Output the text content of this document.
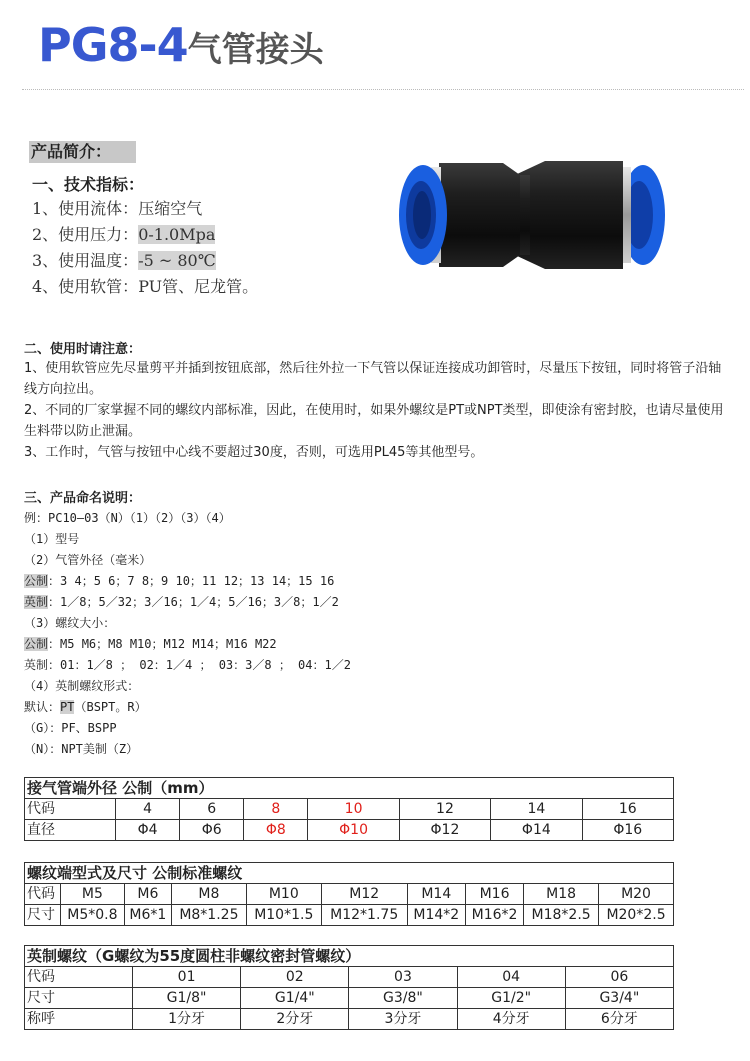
PG8-4气管接头
产品简介：
一、技术指标：
1、使用流体：压缩空气
2、使用压力：0-1.0Mpa
3、使用温度：-5 ~ 80℃
4、使用软管：PU管、尼龙管。
二、使用时请注意：
1、使用软管应先尽量剪平并插到按钮底部，然后往外拉一下气管以保证连接成功卸管时，尽量压下按钮，同时将管子沿轴线方向拉出。
2、不同的厂家掌握不同的螺纹内部标准，因此，在使用时，如果外螺纹是PT或NPT类型，即使涂有密封胶，也请尽量使用生料带以防止泄漏。
3、工作时，气管与按钮中心线不要超过30度，否则，可选用PL45等其他型号。
三、产品命名说明：
例：PC10—03（N）（1）（2）（3）（4）
（1）型号
（2）气管外径（毫米）
公制：3 4；5 6；7 8；9 10；11 12；13 14；15 16
英制：1／8；5／32；3／16；1／4；5／16；3／8；1／2
（3）螺纹大小：
公制：M5 M6；M8 M10；M12 M14；M16 M22
英制：01：1／8 ； 02：1／4 ； 03：3／8 ； 04：1／2
（4）英制螺纹形式：
默认：PT（BSPT。R）
（G）：PF、BSPP
（N）：NPT美制（Z）
接气管端外径 公制（mm）							
代码	4	6	8	10	12	14	16
直径	Φ4	Φ6	Φ8	Φ10	Φ12	Φ14	Φ16
螺纹端型式及尺寸 公制标准螺纹									
代码	M5	M6	M8	M10	M12	M14	M16	M18	M20
尺寸	M5*0.8	M6*1	M8*1.25	M10*1.5	M12*1.75	M14*2	M16*2	M18*2.5	M20*2.5
英制螺纹（G螺纹为55度圆柱非螺纹密封管螺纹）					
代码	01	02	03	04	06
尺寸	G1/8"	G1/4"	G3/8"	G1/2"	G3/4"
称呼	1分牙	2分牙	3分牙	4分牙	6分牙
